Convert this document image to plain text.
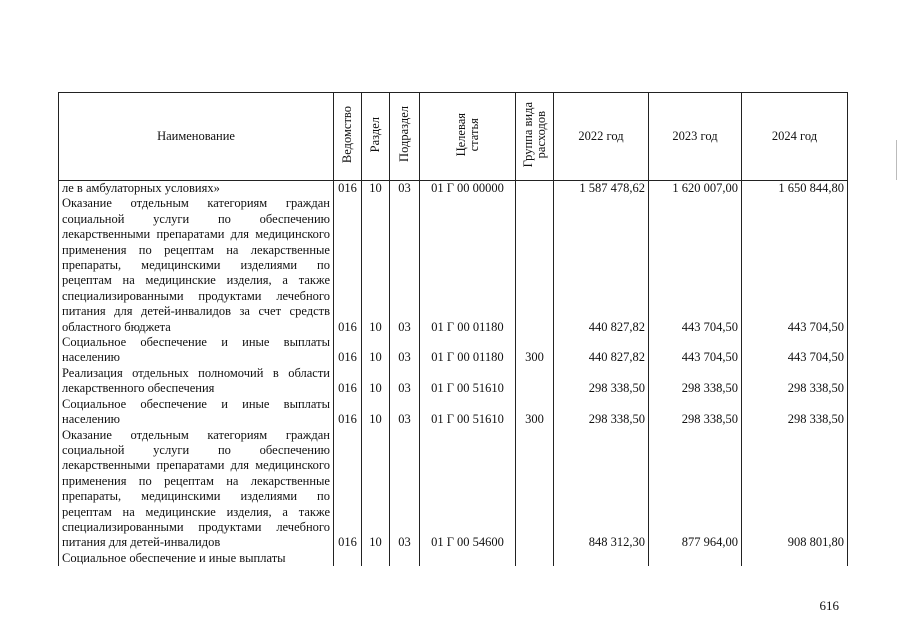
Наименование	Ведомство	Раздел	Подраздел	Целевая
статья	Группа вида
расходов	2022 год	2023 год	2024 год
ле в амбулаторных условиях»	016	10	03	01 Г 00 00000		1 587 478,62	1 620 007,00	1 650 844,80
Оказание отдельным категориям граждан социальной услуги по обеспечению лекарственными препаратами для медицинского применения по рецептам на лекарственные препараты, медицинскими изделиями по рецептам на медицинские изделия, а также специализированными продуктами лечебного питания для детей-инвалидов за счет средств областного бюджета	016	10	03	01 Г 00 01180		440 827,82	443 704,50	443 704,50
Социальное обеспечение и иные выплаты населению	016	10	03	01 Г 00 01180	300	440 827,82	443 704,50	443 704,50
Реализация отдельных полномочий в области лекарственного обеспечения	016	10	03	01 Г 00 51610		298 338,50	298 338,50	298 338,50
Социальное обеспечение и иные выплаты населению	016	10	03	01 Г 00 51610	300	298 338,50	298 338,50	298 338,50
Оказание отдельным категориям граждан социальной услуги по обеспечению лекарственными препаратами для медицинского применения по рецептам на лекарственные препараты, медицинскими изделиями по рецептам на медицинские изделия, а также специализированными продуктами лечебного питания для детей-инвалидов	016	10	03	01 Г 00 54600		848 312,30	877 964,00	908 801,80
Социальное обеспечение и иные выплаты								
616
